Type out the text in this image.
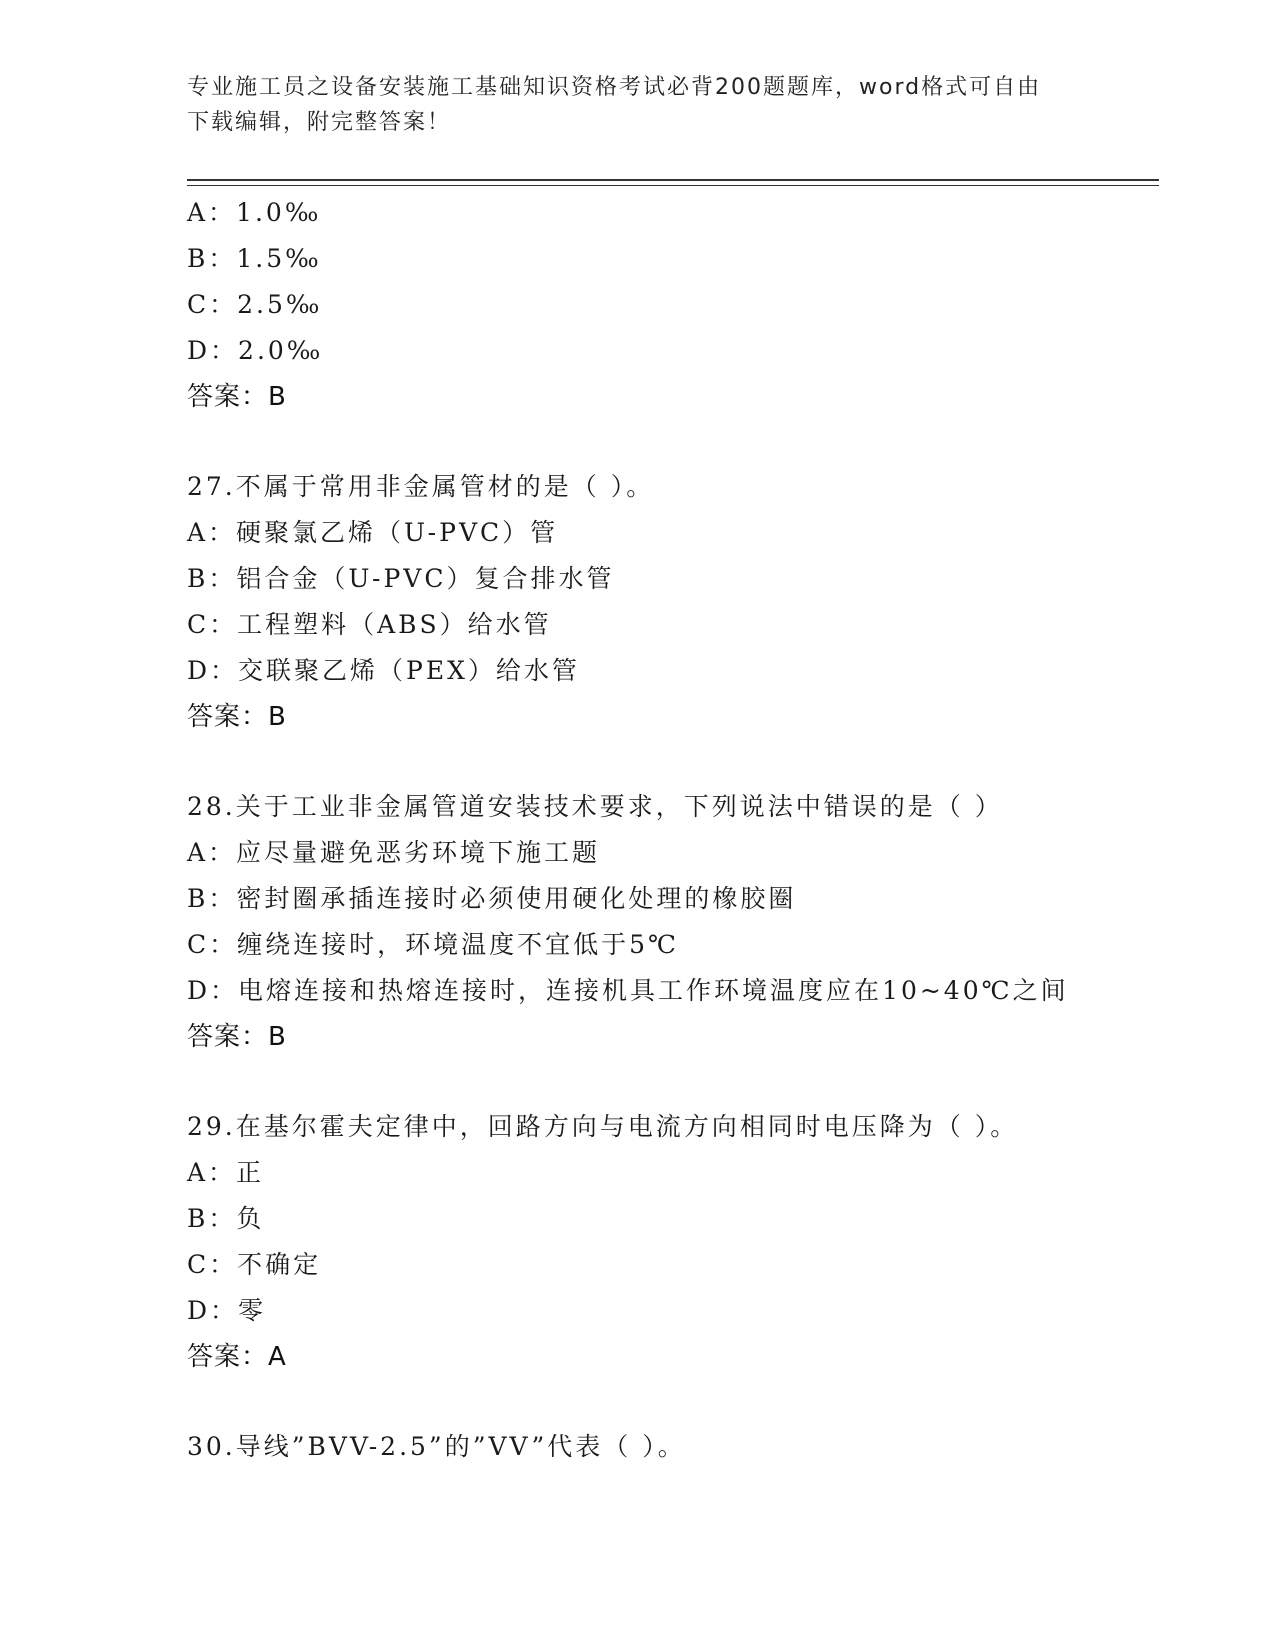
专业施工员之设备安装施工基础知识资格考试必背200题题库，word格式可自由
下载编辑，附完整答案！
A：1.0‰
B：1.5‰
C：2.5‰
D：2.0‰
答案：B
27.不属于常用非金属管材的是（ ）。
A：硬聚氯乙烯（U-PVC）管
B：铝合金（U-PVC）复合排水管
C：工程塑料（ABS）给水管
D：交联聚乙烯（PEX）给水管
答案：B
28.关于工业非金属管道安装技术要求，下列说法中错误的是（ ）
A：应尽量避免恶劣环境下施工题
B：密封圈承插连接时必须使用硬化处理的橡胶圈
C：缠绕连接时，环境温度不宜低于5℃
D：电熔连接和热熔连接时，连接机具工作环境温度应在10~40℃之间
答案：B
29.在基尔霍夫定律中，回路方向与电流方向相同时电压降为（ ）。
A：正
B：负
C：不确定
D：零
答案：A
30.导线”BVV-2.5”的”VV”代表（ ）。
